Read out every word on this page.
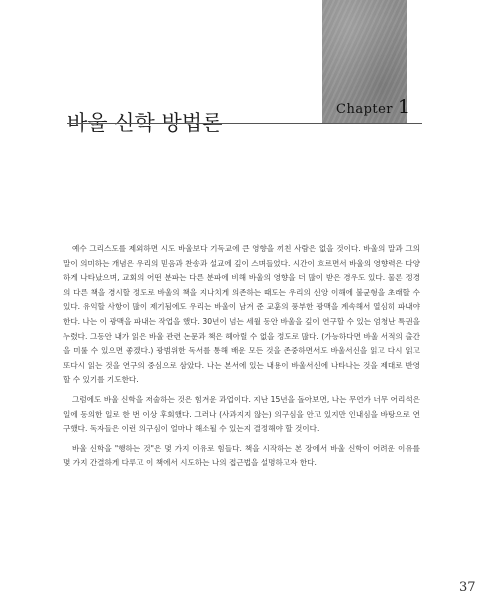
Chapter 1
바울 신학 방법론

예수 그리스도를 제외하면 시도 바울보다 기독교에 큰 영향을 끼친 사람은 없을 것이다. 바울의 말과 그의 말이 의미하는 개념은 우리의 믿음과 찬송과 설교에 깊이 스며들었다. 시간이 흐르면서 바울의 영향력은 다양하게 나타났으며, 교회의 어떤 분파는 다른 분파에 비해 바울의 영향을 더 많이 받은 경우도 있다. 물론 정경의 다른 책을 경시할 정도로 바울의 책을 지나치게 의존하는 때도는 우리의 신앙 이해에 불균형을 초래할 수 있다. 유익할 사항이 많이 제기됨에도 우리는 바울이 남겨 준 교훈의 풍부한 광맥을 계속해서 열심히 파내야 한다. 나는 이 광맥을 파내는 작업을 했다. 30년이 넘는 세월 동안 바울을 깊이 연구할 수 있는 엄청난 특권을 누렸다. 그동안 내가 읽은 바울 관련 논문과 책은 헤아릴 수 없을 정도로 많다. (가능하다면 바울 서적의 출간을 미룰 수 있으면 좋겠다.) 광범위한 독서를 통해 배운 모든 것을 존중하면서도 바울서신을 읽고 다시 읽고 또다시 읽는 것을 연구의 중심으로 삼았다. 나는 본서에 있는 내용이 바울서신에 나타나는 것을 제대로 반영할 수 있기를 기도한다.

그럼에도 바울 신학을 저술하는 것은 힘겨운 과업이다. 지난 15년을 돌아보면, 나는 무언가 너무 어리석은 일에 동의한 일로 한 번 이상 후회했다. 그러나 (사과지지 않는) 의구심을 안고 있지만 인내심을 바탕으로 연구했다. 독자들은 이런 의구심이 얼마나 해소될 수 있는지 결정해야 할 것이다.

바울 신학을 "행하는 것"은 몇 가지 이유로 힘들다. 책을 시작하는 본 장에서 바울 신학이 어려운 이유를 몇 가지 간결하게 다루고 이 책에서 시도하는 나의 접근법을 설명하고자 한다.

37
